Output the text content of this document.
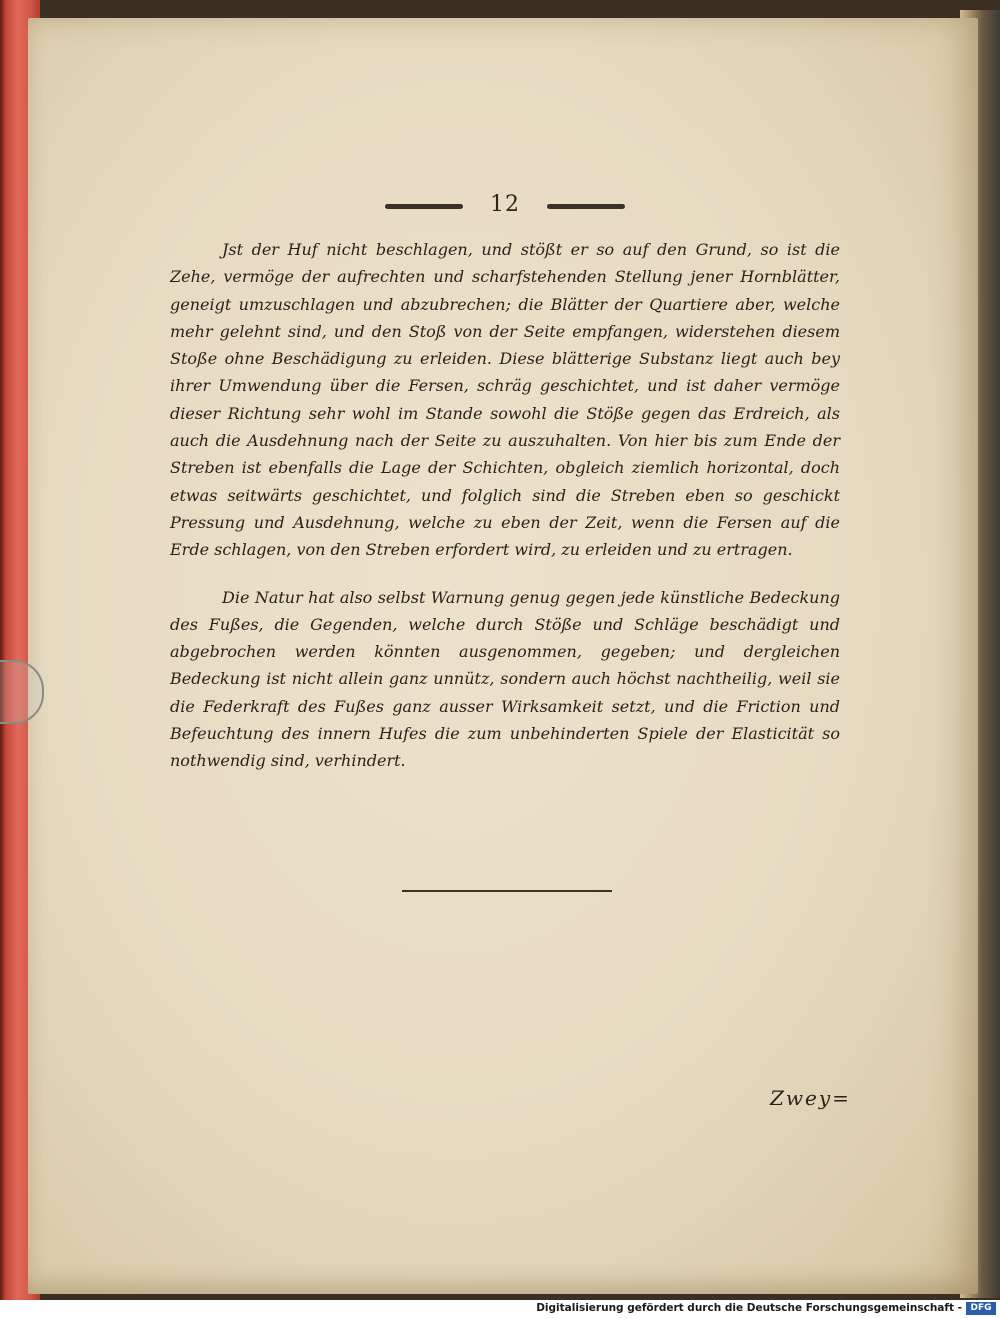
12

Jst der Huf nicht beschlagen, und stößt er so auf den Grund, so ist die Zehe, vermöge der aufrechten und scharfstehenden Stellung jener Hornblätter, geneigt umzuschlagen und abzubrechen; die Blätter der Quartiere aber, welche mehr gelehnt sind, und den Stoß von der Seite empfangen, widerstehen diesem Stoße ohne Beschädigung zu erleiden. Diese blätterige Substanz liegt auch bey ihrer Umwendung über die Fersen, schräg geschichtet, und ist daher vermöge dieser Richtung sehr wohl im Stande sowohl die Stöße gegen das Erdreich, als auch die Ausdehnung nach der Seite zu auszuhalten. Von hier bis zum Ende der Streben ist ebenfalls die Lage der Schichten, obgleich ziemlich horizontal, doch etwas seitwärts geschichtet, und folglich sind die Streben eben so geschickt Pressung und Ausdehnung, welche zu eben der Zeit, wenn die Fersen auf die Erde schlagen, von den Streben erfordert wird, zu erleiden und zu ertragen.

Die Natur hat also selbst Warnung genug gegen jede künstliche Bedeckung des Fußes, die Gegenden, welche durch Stöße und Schläge beschädigt und abgebrochen werden könnten ausgenommen, gegeben; und dergleichen Bedeckung ist nicht allein ganz unnütz, sondern auch höchst nachtheilig, weil sie die Federkraft des Fußes ganz ausser Wirksamkeit setzt, und die Friction und Befeuchtung des innern Hufes die zum unbehinderten Spiele der Elasticität so nothwendig sind, verhindert.

Zwey=
Digitalisierung gefördert durch die Deutsche Forschungsgemeinschaft - DFG
